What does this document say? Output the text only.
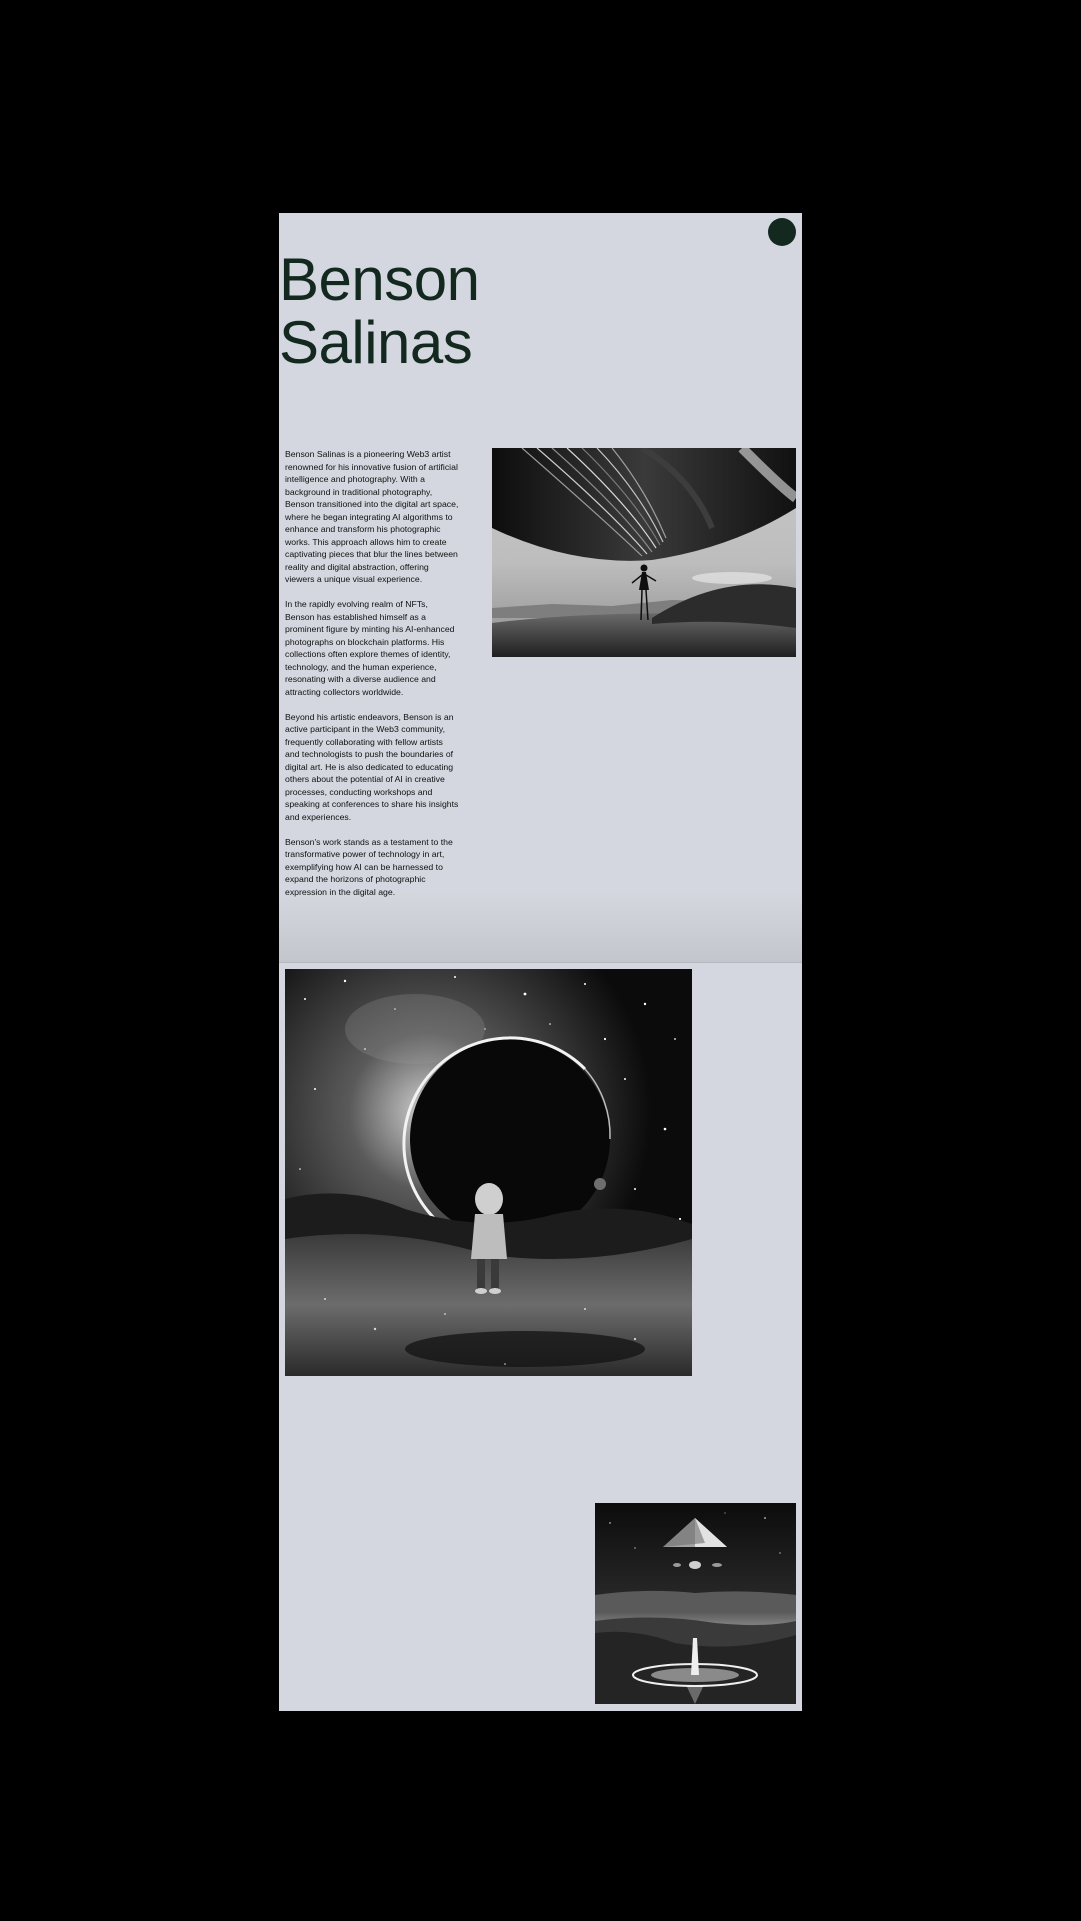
Benson
Salinas

Benson Salinas is a pioneering Web3 artist renowned for his innovative fusion of artificial intelligence and photography. With a background in traditional photography, Benson transitioned into the digital art space, where he began integrating AI algorithms to enhance and transform his photographic works. This approach allows him to create captivating pieces that blur the lines between reality and digital abstraction, offering viewers a unique visual experience.

In the rapidly evolving realm of NFTs, Benson has established himself as a prominent figure by minting his AI-enhanced photographs on blockchain platforms. His collections often explore themes of identity, technology, and the human experience, resonating with a diverse audience and attracting collectors worldwide.

Beyond his artistic endeavors, Benson is an active participant in the Web3 community, frequently collaborating with fellow artists and technologists to push the boundaries of digital art. He is also dedicated to educating others about the potential of AI in creative processes, conducting workshops and speaking at conferences to share his insights and experiences.

Benson's work stands as a testament to the transformative power of technology in art, exemplifying how AI can be harnessed to expand the horizons of photographic expression in the digital age.
